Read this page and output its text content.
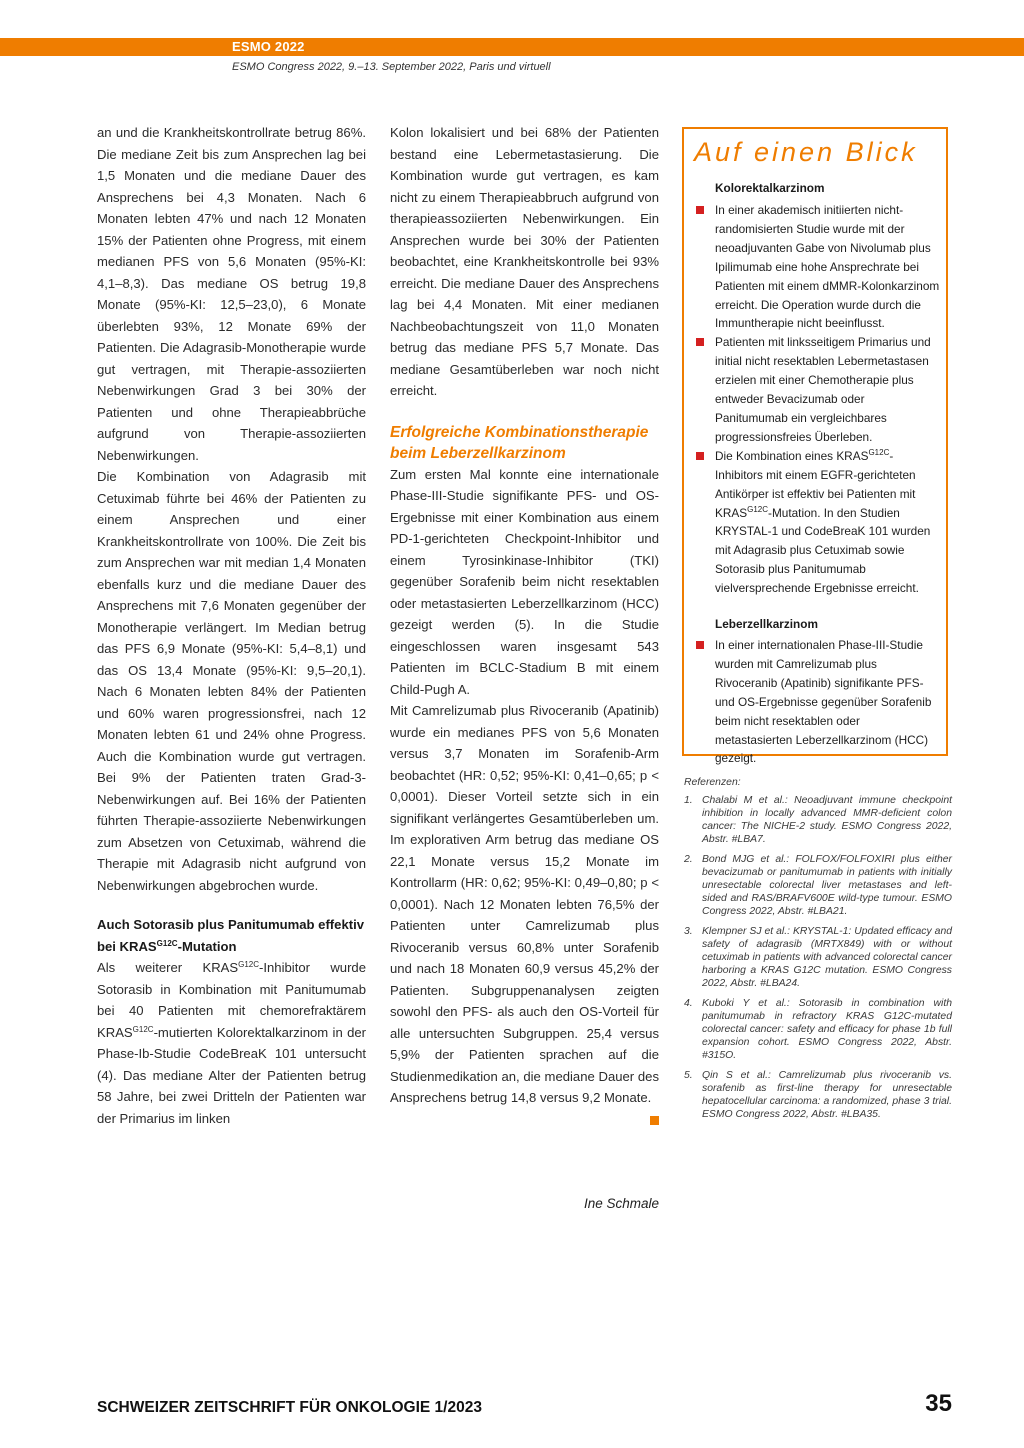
ESMO 2022
ESMO Congress 2022, 9.–13. September 2022, Paris und virtuell

an und die Krankheitskontrollrate betrug 86%. Die mediane Zeit bis zum Ansprechen lag bei 1,5 Monaten und die mediane Dauer des Ansprechens bei 4,3 Monaten. Nach 6 Monaten lebten 47% und nach 12 Monaten 15% der Patienten ohne Progress, mit einem medianen PFS von 5,6 Monaten (95%-KI: 4,1–8,3). Das mediane OS betrug 19,8 Monate (95%-KI: 12,5–23,0), 6 Monate überlebten 93%, 12 Monate 69% der Patienten. Die Adagrasib-Monotherapie wurde gut vertragen, mit Therapie-assoziierten Nebenwirkungen Grad 3 bei 30% der Patienten und ohne Therapieabbrüche aufgrund von Therapie-assoziierten Nebenwirkungen.

Die Kombination von Adagrasib mit Cetuximab führte bei 46% der Patienten zu einem Ansprechen und einer Krankheitskontrollrate von 100%. Die Zeit bis zum Ansprechen war mit median 1,4 Monaten ebenfalls kurz und die mediane Dauer des Ansprechens mit 7,6 Monaten gegenüber der Monotherapie verlängert. Im Median betrug das PFS 6,9 Monate (95%-KI: 5,4–8,1) und das OS 13,4 Monate (95%-KI: 9,5–20,1). Nach 6 Monaten lebten 84% der Patienten und 60% waren progressionsfrei, nach 12 Monaten lebten 61 und 24% ohne Progress. Auch die Kombination wurde gut vertragen. Bei 9% der Patienten traten Grad-3-Nebenwirkungen auf. Bei 16% der Patienten führten Therapie-assoziierte Nebenwirkungen zum Absetzen von Cetuximab, während die Therapie mit Adagrasib nicht aufgrund von Nebenwirkungen abgebrochen wurde.

Auch Sotorasib plus Panitumumab effektiv bei $KRAS^{G12C}$-Mutation

Als weiterer $KRAS^{G12C}$-Inhibitor wurde Sotorasib in Kombination mit Panitumumab bei 40 Patienten mit chemorefraktärem $KRAS^{G12C}$-mutierten Kolorektalkarzinom in der Phase-Ib-Studie CodeBreaK 101 untersucht (4). Das mediane Alter der Patienten betrug 58 Jahre, bei zwei Dritteln der Patienten war der Primarius im linken

Kolon lokalisiert und bei 68% der Patienten bestand eine Lebermetastasierung. Die Kombination wurde gut vertragen, es kam nicht zu einem Therapieabbruch aufgrund von therapieassoziierten Nebenwirkungen. Ein Ansprechen wurde bei 30% der Patienten beobachtet, eine Krankheitskontrolle bei 93% erreicht. Die mediane Dauer des Ansprechens lag bei 4,4 Monaten. Mit einer medianen Nachbeobachtungszeit von 11,0 Monaten betrug das mediane PFS 5,7 Monate. Das mediane Gesamtüberleben war noch nicht erreicht.

Erfolgreiche Kombinationstherapie beim Leberzellkarzinom

Zum ersten Mal konnte eine internationale Phase-III-Studie signifikante PFS- und OS-Ergebnisse mit einer Kombination aus einem PD-1-gerichteten Checkpoint-Inhibitor und einem Tyrosinkinase-Inhibitor (TKI) gegenüber Sorafenib beim nicht resektablen oder metastasierten Leberzellkarzinom (HCC) gezeigt werden (5). In die Studie eingeschlossen waren insgesamt 543 Patienten im BCLC-Stadium B mit einem Child-Pugh A.

Mit Camrelizumab plus Rivoceranib (Apatinib) wurde ein medianes PFS von 5,6 Monaten versus 3,7 Monaten im Sorafenib-Arm beobachtet (HR: 0,52; 95%-KI: 0,41–0,65; p < 0,0001). Dieser Vorteil setzte sich in ein signifikant verlängertes Gesamtüberleben um. Im explorativen Arm betrug das mediane OS 22,1 Monate versus 15,2 Monate im Kontrollarm (HR: 0,62; 95%-KI: 0,49–0,80; p < 0,0001). Nach 12 Monaten lebten 76,5% der Patienten unter Camrelizumab plus Rivoceranib versus 60,8% unter Sorafenib und nach 18 Monaten 60,9 versus 45,2% der Patienten. Subgruppenanalysen zeigten sowohl den PFS- als auch den OS-Vorteil für alle untersuchten Subgruppen. 25,4 versus 5,9% der Patienten sprachen auf die Studienmedikation an, die mediane Dauer des Ansprechens betrug 14,8 versus 9,2 Monate.

Ine Schmale
Auf einen Blick
Kolorektalkarzinom
In einer akademisch initiierten nicht-randomisierten Studie wurde mit der neoadjuvanten Gabe von Nivolumab plus Ipilimumab eine hohe Ansprechrate bei Patienten mit einem dMMR-Kolonkarzinom erreicht. Die Operation wurde durch die Immuntherapie nicht beeinflusst.
Patienten mit linksseitigem Primarius und initial nicht resektablen Lebermetastasen erzielen mit einer Chemotherapie plus entweder Bevacizumab oder Panitumumab ein vergleichbares progressionsfreies Überleben.
Die Kombination eines $KRAS^{G12C}$-Inhibitors mit einem EGFR-gerichteten Antikörper ist effektiv bei Patienten mit $KRAS^{G12C}$-Mutation. In den Studien KRYSTAL-1 und CodeBreaK 101 wurden mit Adagrasib plus Cetuximab sowie Sotorasib plus Panitumumab vielversprechende Ergebnisse erreicht.
Leberzellkarzinom
In einer internationalen Phase-III-Studie wurden mit Camrelizumab plus Rivoceranib (Apatinib) signifikante PFS- und OS-Ergebnisse gegenüber Sorafenib beim nicht resektablen oder metastasierten Leberzellkarzinom (HCC) gezeigt.
Referenzen:
1. Chalabi M et al.: Neoadjuvant immune checkpoint inhibition in locally advanced MMR-deficient colon cancer: The NICHE-2 study. ESMO Congress 2022, Abstr. #LBA7.
2. Bond MJG et al.: FOLFOX/FOLFOXIRI plus either bevacizumab or panitumumab in patients with initially unresectable colorectal liver metastases and left-sided and RAS/BRAFV600E wild-type tumour. ESMO Congress 2022, Abstr. #LBA21.
3. Klempner SJ et al.: KRYSTAL-1: Updated efficacy and safety of adagrasib (MRTX849) with or without cetuximab in patients with advanced colorectal cancer harboring a KRAS G12C mutation. ESMO Congress 2022, Abstr. #LBA24.
4. Kuboki Y et al.: Sotorasib in combination with panitumumab in refractory KRAS G12C-mutated colorectal cancer: safety and efficacy for phase 1b full expansion cohort. ESMO Congress 2022, Abstr. #315O.
5. Qin S et al.: Camrelizumab plus rivoceranib vs. sorafenib as first-line therapy for unresectable hepatocellular carcinoma: a randomized, phase 3 trial. ESMO Congress 2022, Abstr. #LBA35.
SCHWEIZER ZEITSCHRIFT FÜR ONKOLOGIE 1/2023	35
